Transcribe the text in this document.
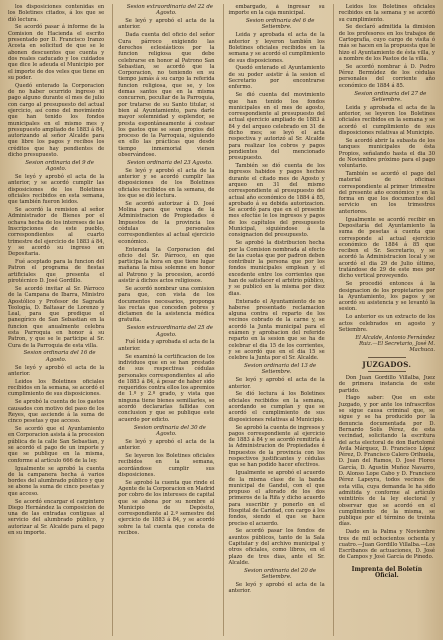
los disposiciones contenidas en los Boletines citados, á los que se dió lectura.

Se acordó pasar á informe de la Comision de Hacienda el escrito presentado por D. Francisco Iranzo Acosta en solicitud de que se le abonen descuentos que cuenta y dos reales caducado y los cuidados que dice le adeuda el Municipio por el importe de dos veles que tiene en su poder.

Quedó enterado la Corporacion de no haber ocurrido ingreso ni pago alguno durante el mes de julio con cargo al presupuesto del actual ejercicio, así como del movimiento que han tenido los fondos municipales en el mismo mes y presupuesto ampliado de 1883 á 84, autorizando al señor Alcalde para que libre los pagos y recibos los créditos que hay pendientes de dicho presupuesto.

Sesion ordinaria del 9 de Agosto.

Se leyó y aprobó el acta de la anterior, y se acordó cumplir las disposiciones de los Boletines oficiales recibidos en esta semana, que también fueron leidos.

Se acordó la remision al señor Administrador de Bienes por el ochava hecha de los intereses de las Inscripciones de este pueblo, correspondientes al cuarto trimestre del ejercicio de 1883 á 84, y se acordó su ingreso en Depositaria.

Fué aceptado para la funcion del Patron el programa de fiestas artificiales que presenta el pirotécnico D. José Gordillo.

Se acordó invitar al Sr. Párroco de la Campana de Ibarra, Ministro Apostólico y Profesor de Sagrada Teología, D. Baltasar de Lorenzo y Leal, para que predique el panegírico de San Sebastian en la funcion que anualmente celebra esta Parroquia en honor á su Patron, y que se le participe al Sr. Cura de la Parroquia de esta villa.

Sesion ordinaria del 16 de Agosto.

Se leyó y aprobó el acta de la anterior.

Leidos los Boletines oficiales recibidos en la semana, se acordó el cumplimiento de sus disposiciones.

Se aprobó la cuenta de los gastos causados con motivo del paso de los Reyes, que asciende á la suma de cinco pesetas y que acceso.

Se acordó que el Ayuntamiento en Corporacion asista á la procesion pública de la calle San Sebastian, y se acordó el pago de un importe y que se publique en la misma, conforme al artículo 666 de la ley.

Igualmente se aprobó la cuenta de la campanera hecha á varios bordes del alumbrado público y que se abone la suma de cinco pesetas y que acceso.

Se acordó encargar el carpintero Diego Hernández la composicion de una de las entradas contiguas al servicio del alumbrado público, y autorizar al Sr. Alcalde para el pago en su importe.

Sesion extraordinaria del 22 de Agosto.

Se leyó y aprobó el acta de la anterior.

Dada cuenta del oficio del señor Cura párroco exigiendo las derechos eclesiásticos por la funcion religiosa que debe celebrarse en honor al Patrono San Sebastian, se acordó que la Corporacion, no teniendo en su tiempo jamás á su cargo la referida funcion religiosa, que se, y los demas santos que en la misma concurren, peculiar de la Parroquia, por tratarse de su Santo titular, si bien al Ayuntamiento, para darle mayor solemnidad y esplendor, se presta espontáneamente á costear los gastos que se sean propios del proceso de la Parroquia, siguiendo en ello las prácticas que desde tiempo inmemorial vienen observándose.

Sesion ordinaria del 23 Agosto.

Se leyó y aprobó el acta de la anterior y se acordó cumplir las disposiciones de los Boletines oficiales recibidos en la semana, de los que se dió lectura.

Se acordó autorizar á D. José Molina para que venga de la Administracion de Propiedades é Impuestos de la provincia los cédulas personales correspondientes al actual ejercicio económico.

Enterada la Corporacion del oficio del Sr. Párroco, en que participa la hora en que tiene lugar mañana la misa solemne en honor al Patrono y la procesion, acordó asistir á dichos actos religiosos.

Se acordó nombrar una comision para que, con vista de los documentos necesarios, proponga las rectas que conceden pobres y dictamen de la asistencia médica gratuita.

Sesion extraordinaria del 25 de Agosto.

Fué leida y aprobada el acta de la anterior.

Se examinó la certificacion de los individuos que en se han prestado de sus respectivas cédulas personales correspondientes al año de 1883 á 84, á pesar de haber sido requeridos contra ellos los apremios de 1.º y 2.º grado, y vista que ninguna tiene bienes semiliarles, se acordó declararlas fallidas con conclusion y que se publique este acuerdo por edicto.

Sesion ordinaria del 30 de Agosto.

Se leyó y aprobó el acta de la anterior.

Se leyeron los Boletines oficiales recibidos en la semana, acordándose cumplir sus disposiciones.

Se aprobó la cuenta que rinde el Agente de la Corporacion en Madrid por cobro de los intereses de capital que se abona por su nombre al Municipio de Depósito, correspondiente al 2.º semestre del ejercicio de 1883 á 84, y se acordó sobre la tal cuenta que consta de recibos.

embargado, á ingresar su importe en la caja municipal.

Sesion ordinaria del 6 de Setiembre.

Leida y aprobada el acta de la anterior y leyeron también los Boletines oficiales recibidos en la semana y se acordó el cumplimiento de sus disposiciones.

Quedó enterado el Ayuntamiento de su poder asistir á la sesion el Secretario por encontrarse enfermo.

Se dió cuenta del movimiento que han tenido los fondos municipales en el mes de agosto, correspondiente al presupuesto del actual ejercicio ampliado de 1883 á 84 y del arqueo celebrado en 31 de dicho mes; se leyó el acta respectiva y autorizó al Sr. Alcalde para realizar los cobros y pagos pendientes del mencionado presupuesto.

También se dió cuenta de los ingresos habidos y pagos hechos durante el citado mes de Agosto y arqueo en 31 del mismo correspondiente al presupuesto del actual año económico de 1884 á 85, aprobado á su debida autorizacion. Se acordó para que en el presente mes efectúe le los ingresos y pagos de los capítulos del presupuesto Municipal, siguiéndose á la consignacion del presupuesto.

Se aprobó la distribucion hecha por la Comision nombrada al efecto de las cuotas que por padron deben contribuir la persona que por los fondos municipales emplean y el excedente entre los corrientes que han de satisfacer el arbitrio público, y se publicó en la misma por diez dias.

Enterado el Ayuntamiento de no haberse presentado reclamacion alguna contra el reparto de los vecinos cobrado de la carne y, se acordó la Junta municipal para el exámen y aprobacion del referido reparto en la sesion que se ha de celebrar el dia 15 de los corrientes, y se acordó que en el dia 15 se celebre la Junta por el Sr. Alcalde.

Sesion ordinaria del 13 de Setiembre.

Se leyó y aprobó el acta de la anterior.

Se dió lectura á los Boletines oficiales recibidos en la semana, acordando se cumplan y que se acordó el cumplimiento de sus disposiciones relativas al Municipio.

Se aprobó la cuenta de ingresos y pagos correspondiente al ejercicio de 1883 á 84 y se acordó remitirla á la Administracion de Propiedades é Impuestos de la provincia con los respectivos justificantes y cédulas que se han podido hacer efectivos.

Igualmente se aprobó el acuerdo de la misma clase de la banda municipal de Gandul, con el que propuso el aforado de los dos primeros de la Rifa y dicho acuerdo para suscribir y ponerlo en el Hospital de Caridad, con cargo á los fondos, siendo el que se hace preciso el acuerdo.

Se acordó pasar los fondos de asuntos públicos, tanto de la Sala Capitular y del archivo municipal y otros oficiales, como libros, en el plazo de tres dias, ante el Sr. Alcalde.

Sesion ordinaria del 20 de Setiembre.

Se leyó y aprobó el acta de la anterior.

Leidos los Boletines oficiales recibidos en la semana y se acordó su cumplimiento.

Se declaró admitida la dimision de los profesores en los trabajos de Cartografía, cuyo cargo de visita ó más se hacen en la propuesta que le hizo el Ayuntamiento de ésta villa, y a nombre de los Pastos de la villa.

Se acordó nombrar á D. Pedro Pérez Bermúdez de los cédulas personales del corriente año económico de 1884 á 85.

Sesion ordinaria del 27 de Setiembre.

Leida y aprobada el acta de la anterior, se leyeron los Boletines oficiales recibidos en la semana y se acordó el cumplimiento de sus disposiciones relativas al Municipio.

Se acordó abrir la subasta de los tanques municipales de ésta Propios, señalando hasta el dia 30 de Noviembre próximo para el pago voluntario.

También se acordó el pago del material de oficinas correspondiente al primer trimestre del presente año económico y en la forma en que los documentos del servicio en los trimestres anteriores.

Igualmente se acordó recibir en Depositaría del Ayuntamiento la suma de pesetas á cuenta que corresponde al actual ejercicio económico de 1884 á 85 que reciben el Sr. Secretario, y se acordó la Administracion local y se acordó el dia 29 de Julio último, tratándose de 29 de este mes por dicho vertical proveyendo.

Se procedió entonces á la designacion de los propietarios por la Ayuntamiento, los pagos y se acordó su asistencia y se levantó la sesion.

Lo anterior es un extracto de los actos celebrados en agosto y Setiembre.

El Alcalde, Antonio Fernández Ruiz.—El Secretario, José M. Machuca.

JUZGADOS.

Don Juan Gordillo Villalba, Juez de primera instancia de este partido.

Hago saber: Que en este Juzgado, y por ante los infrascritos se sigue causa criminal que, se sigue y se ha producido por la denuncia documentada por D. Bernardo Solís Pérez, de esta vecindad, solicitando la escritura del acta electoral de don Bartolomé Ávila Márquez, D. Francisco López Pérez, D. Francisco Calero Orihuela, D. Juan del Ramos, D. José Flores García, D. Agustín Muñoz Navarro, D. Alonso Lope Cabo y D. Francisco Pérez Lapeyra, todos vecinos de esta villa, cuya demanda le ha sido admitida y conforme al artículo veintitrés de la ley electoral y observar que se acordó en el cumplimiento de la misma, se publique por el término de treinta días.

Dado en la Palma y Noviembre tres de mil ochocientos ochenta y cuatro.—Juan Gordillo Villalba.—Los Escribanos de actuaciones, D. José de Campos y José García de Pinedo.

Imprenta del Boletín Oficial.
